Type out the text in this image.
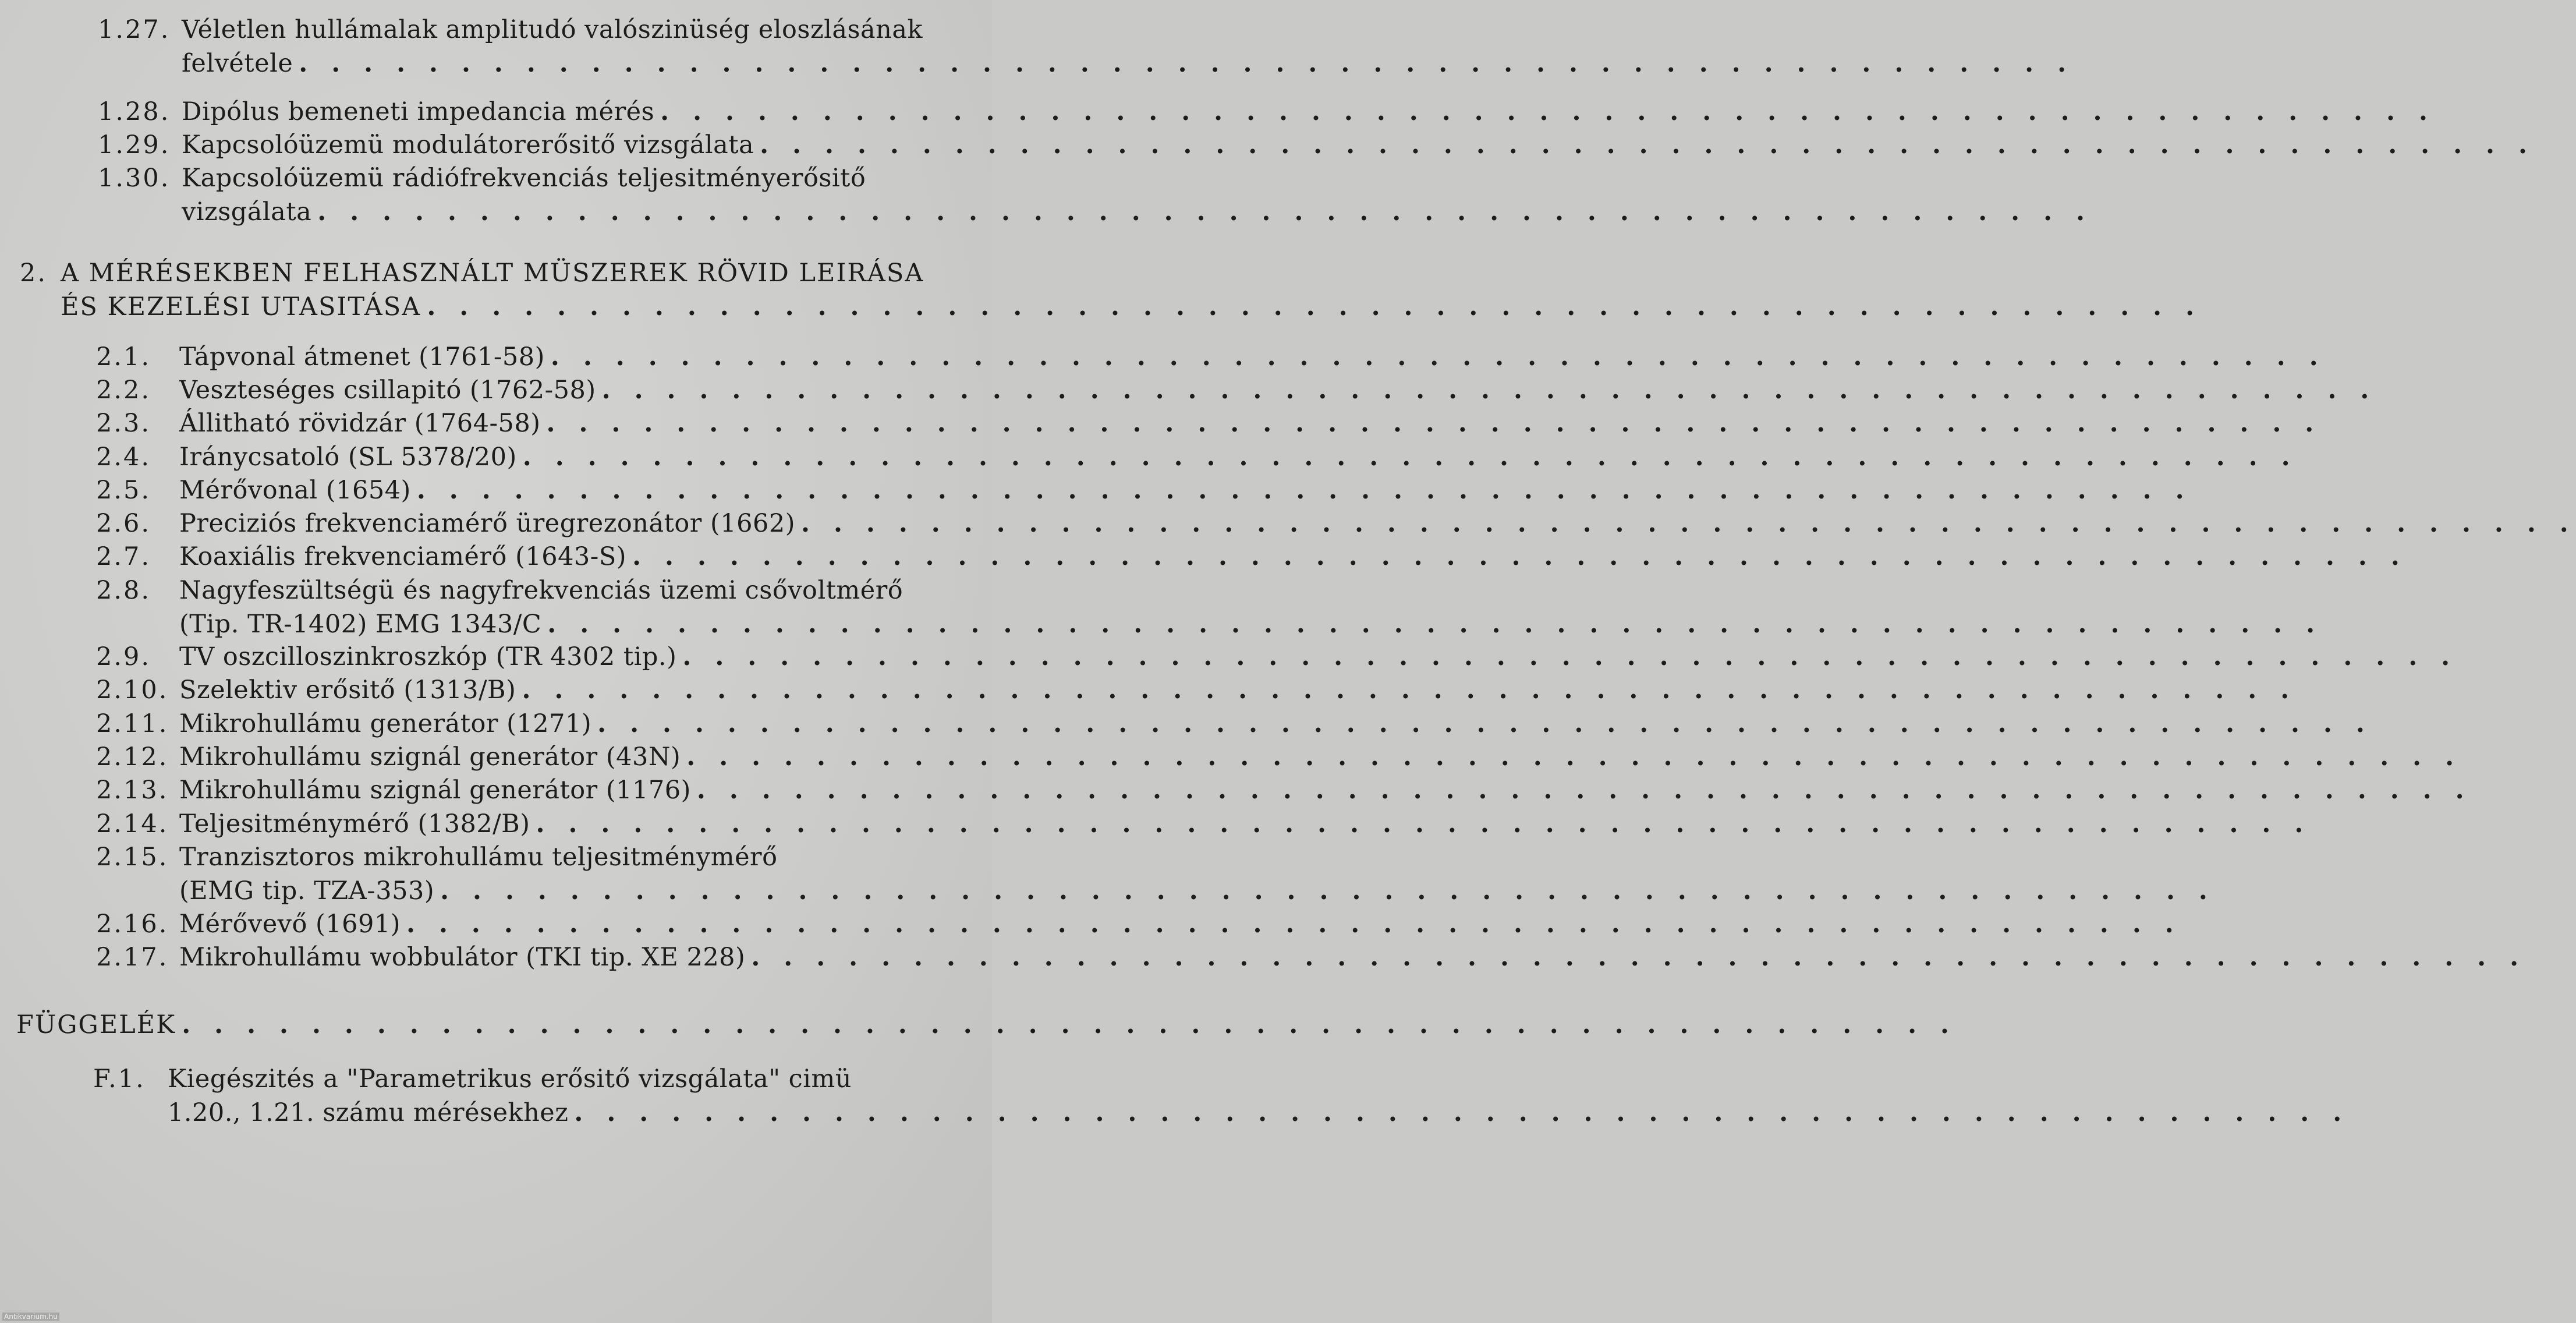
1.27. Véletlen hullámalak amplitudó valószinüség eloszlásának
felvétele . . . . . . . . . . . . . . . . . . . . . . . . . . . . . . . . . . . . . . . . . . . . . . . . . . . . . . .
1.28. Dipólus bemeneti impedancia mérés . . . . . . . . . . . . . . . . . . . . . . . . . . . . . . . . . . . . . . . . . . . . . . . . . . . . . . .
1.29. Kapcsolóüzemü modulátorerősitő vizsgálata . . . . . . . . . . . . . . . . . . . . . . . . . . . . . . . . . . . . . . . . . . . . . . . . . . . . . . .
1.30. Kapcsolóüzemü rádiófrekvenciás teljesitményerősitő
vizsgálata . . . . . . . . . . . . . . . . . . . . . . . . . . . . . . . . . . . . . . . . . . . . . . . . . . . . . . .
2. A MÉRÉSEKBEN FELHASZNÁLT MÜSZEREK RÖVID LEIRÁSA
ÉS KEZELÉSI UTASITÁSA . . . . . . . . . . . . . . . . . . . . . . . . . . . . . . . . . . . . . . . . . . . . . . . . . . . . . . .
2.1. Tápvonal átmenet (1761-58) . . . . . . . . . . . . . . . . . . . . . . . . . . . . . . . . . . . . . . . . . . . . . . . . . . . . . . .
2.2. Veszteséges csillapitó (1762-58) . . . . . . . . . . . . . . . . . . . . . . . . . . . . . . . . . . . . . . . . . . . . . . . . . . . . . . .
2.3. Állitható rövidzár (1764-58) . . . . . . . . . . . . . . . . . . . . . . . . . . . . . . . . . . . . . . . . . . . . . . . . . . . . . . .
2.4. Iránycsatoló (SL 5378/20) . . . . . . . . . . . . . . . . . . . . . . . . . . . . . . . . . . . . . . . . . . . . . . . . . . . . . . .
2.5. Mérővonal (1654) . . . . . . . . . . . . . . . . . . . . . . . . . . . . . . . . . . . . . . . . . . . . . . . . . . . . . . .
2.6. Preciziós frekvenciamérő üregrezonátor (1662) . . . . . . . . . . . . . . . . . . . . . . . . . . . . . . . . . . . . . . . . . . . . . . . . . . . . . . .
2.7. Koaxiális frekvenciamérő (1643-S) . . . . . . . . . . . . . . . . . . . . . . . . . . . . . . . . . . . . . . . . . . . . . . . . . . . . . . .
2.8. Nagyfeszültségü és nagyfrekvenciás üzemi csővoltmérő
(Tip. TR-1402) EMG 1343/C . . . . . . . . . . . . . . . . . . . . . . . . . . . . . . . . . . . . . . . . . . . . . . . . . . . . . . .
2.9. TV oszcilloszinkroszkóp (TR 4302 tip.) . . . . . . . . . . . . . . . . . . . . . . . . . . . . . . . . . . . . . . . . . . . . . . . . . . . . . . .
2.10. Szelektiv erősitő (1313/B) . . . . . . . . . . . . . . . . . . . . . . . . . . . . . . . . . . . . . . . . . . . . . . . . . . . . . . .
2.11. Mikrohullámu generátor (1271) . . . . . . . . . . . . . . . . . . . . . . . . . . . . . . . . . . . . . . . . . . . . . . . . . . . . . . .
2.12. Mikrohullámu szignál generátor (43N) . . . . . . . . . . . . . . . . . . . . . . . . . . . . . . . . . . . . . . . . . . . . . . . . . . . . . . .
2.13. Mikrohullámu szignál generátor (1176) . . . . . . . . . . . . . . . . . . . . . . . . . . . . . . . . . . . . . . . . . . . . . . . . . . . . . . .
2.14. Teljesitménymérő (1382/B) . . . . . . . . . . . . . . . . . . . . . . . . . . . . . . . . . . . . . . . . . . . . . . . . . . . . . . .
2.15. Tranzisztoros mikrohullámu teljesitménymérő
(EMG tip. TZA-353) . . . . . . . . . . . . . . . . . . . . . . . . . . . . . . . . . . . . . . . . . . . . . . . . . . . . . . .
2.16. Mérővevő (1691) . . . . . . . . . . . . . . . . . . . . . . . . . . . . . . . . . . . . . . . . . . . . . . . . . . . . . . .
2.17. Mikrohullámu wobbulátor (TKI tip. XE 228) . . . . . . . . . . . . . . . . . . . . . . . . . . . . . . . . . . . . . . . . . . . . . . . . . . . . . . .
FÜGGELÉK . . . . . . . . . . . . . . . . . . . . . . . . . . . . . . . . . . . . . . . . . . . . . . . . . . . . . . .
F.1. Kiegészités a "Parametrikus erősitő vizsgálata" cimü
1.20., 1.21. számu mérésekhez . . . . . . . . . . . . . . . . . . . . . . . . . . . . . . . . . . . . . . . . . . . . . . . . . . . . . . .
Antikvarium.hu
